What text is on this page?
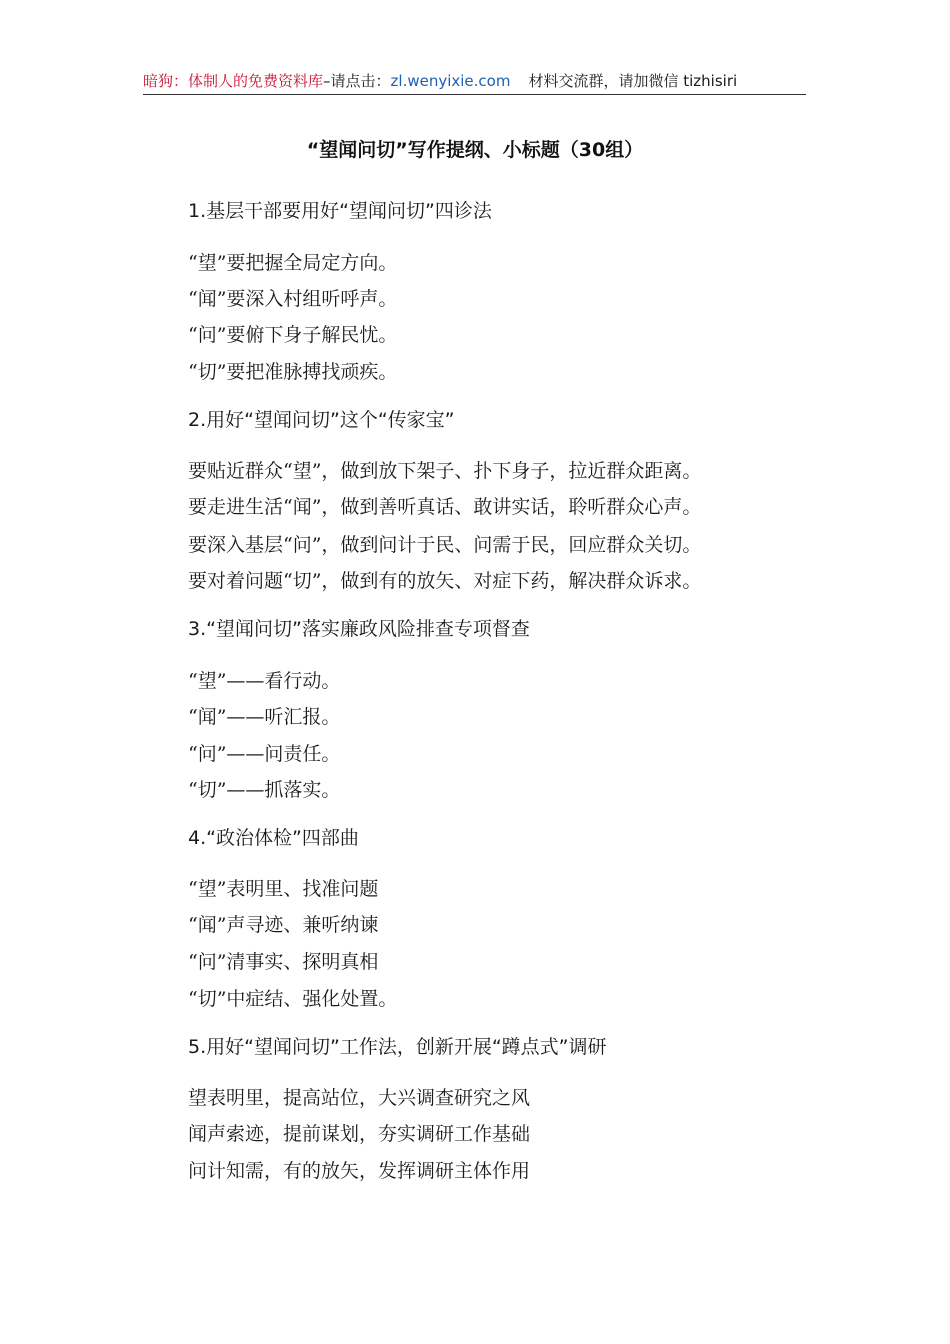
暗狗：体制人的免费资料库–请点击：zl.wenyixie.com 材料交流群，请加微信 tizhisiri
“望闻问切”写作提纲、小标题（30组）
1.基层干部要用好“望闻问切”四诊法
“望”要把握全局定方向。
“闻”要深入村组听呼声。
“问”要俯下身子解民忧。
“切”要把准脉搏找顽疾。
2.用好“望闻问切”这个“传家宝”
要贴近群众“望”，做到放下架子、扑下身子，拉近群众距离。
要走进生活“闻”，做到善听真话、敢讲实话，聆听群众心声。
要深入基层“问”，做到问计于民、问需于民，回应群众关切。
要对着问题“切”，做到有的放矢、对症下药，解决群众诉求。
3.“望闻问切”落实廉政风险排查专项督查
“望”——看行动。
“闻”——听汇报。
“问”——问责任。
“切”——抓落实。
4.“政治体检”四部曲
“望”表明里、找准问题
“闻”声寻迹、兼听纳谏
“问”清事实、探明真相
“切”中症结、强化处置。
5.用好“望闻问切”工作法，创新开展“蹲点式”调研
望表明里，提高站位，大兴调查研究之风
闻声索迹，提前谋划，夯实调研工作基础
问计知需，有的放矢，发挥调研主体作用
